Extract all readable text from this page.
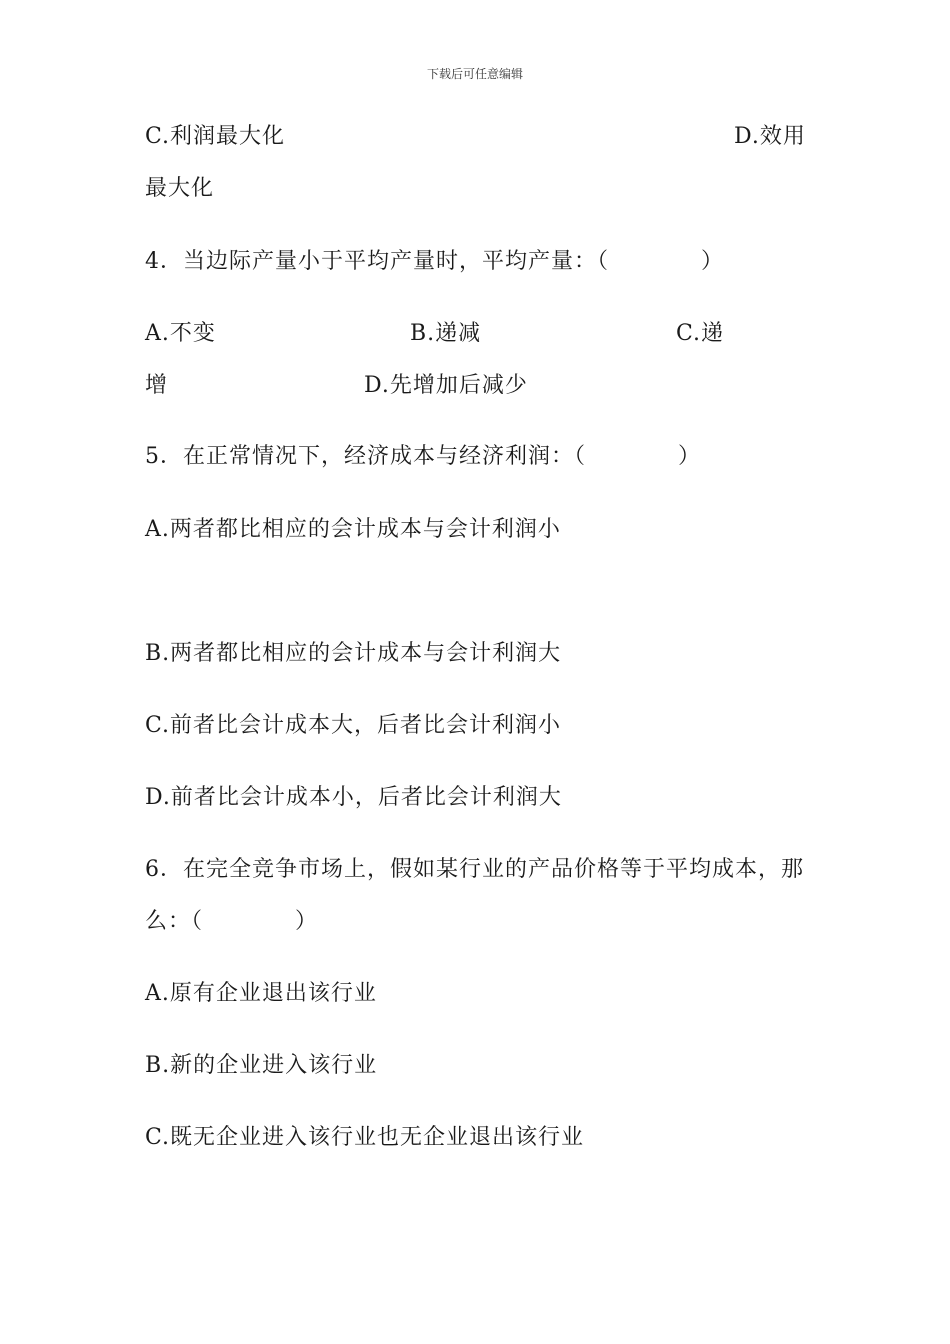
下载后可任意编辑
C.利润最大化	D.效用
最大化
4．当边际产量小于平均产量时，平均产量：（　　　　）
A.不变	B.递减	C.递
增	D.先增加后减少
5．在正常情况下，经济成本与经济利润：（　　　　）
A.两者都比相应的会计成本与会计利润小
B.两者都比相应的会计成本与会计利润大
C.前者比会计成本大，后者比会计利润小
D.前者比会计成本小，后者比会计利润大
6．在完全竞争市场上，假如某行业的产品价格等于平均成本，那
么：（　　　　）
A.原有企业退出该行业
B.新的企业进入该行业
C.既无企业进入该行业也无企业退出该行业
